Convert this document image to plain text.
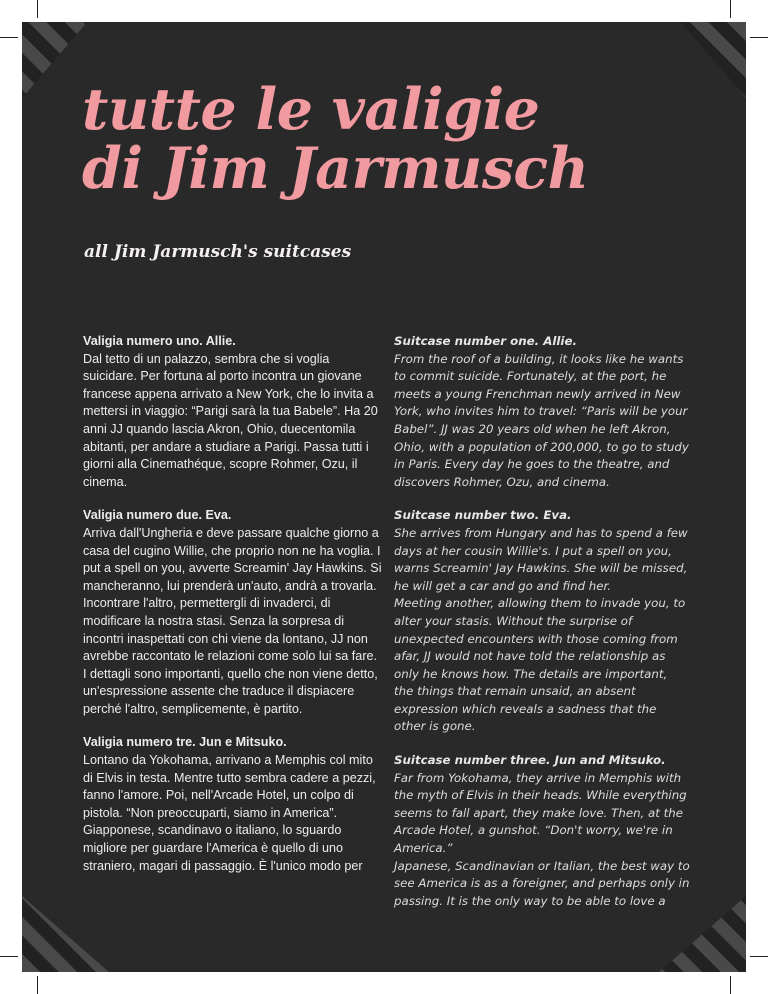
tutte le valigie
di Jim Jarmusch
all Jim Jarmusch's suitcases
Valigia numero uno. Allie.
Dal tetto di un palazzo, sembra che si voglia suicidare. Per fortuna al porto incontra un giovane francese appena arrivato a New York, che lo invita a mettersi in viaggio: “Parigi sarà la tua Babele”. Ha 20 anni JJ quando lascia Akron, Ohio, duecentomila abitanti, per andare a studiare a Parigi. Passa tutti i giorni alla Cinemathéque, scopre Rohmer, Ozu, il cinema.
Valigia numero due. Eva.
Arriva dall'Ungheria e deve passare qualche giorno a casa del cugino Willie, che proprio non ne ha voglia. I put a spell on you, avverte Screamin' Jay Hawkins. Si mancheranno, lui prenderà un'auto, andrà a trovarla.
Incontrare l'altro, permettergli di invaderci, di modificare la nostra stasi. Senza la sorpresa di incontri inaspettati con chi viene da lontano, JJ non avrebbe raccontato le relazioni come solo lui sa fare. I dettagli sono importanti, quello che non viene detto, un'espressione assente che traduce il dispiacere perché l'altro, semplicemente, è partito.
Valigia numero tre. Jun e Mitsuko.
Lontano da Yokohama, arrivano a Memphis col mito di Elvis in testa. Mentre tutto sembra cadere a pezzi, fanno l'amore. Poi, nell'Arcade Hotel, un colpo di pistola. “Non preoccuparti, siamo in America”.
Giapponese, scandinavo o italiano, lo sguardo migliore per guardare l'America è quello di uno straniero, magari di passaggio. È l'unico modo per
Suitcase number one. Allie.
From the roof of a building, it looks like he wants to commit suicide. Fortunately, at the port, he meets a young Frenchman newly arrived in New York, who invites him to travel: “Paris will be your Babel”. JJ was 20 years old when he left Akron, Ohio, with a population of 200,000, to go to study in Paris. Every day he goes to the theatre, and discovers Rohmer, Ozu, and cinema.
Suitcase number two. Eva.
She arrives from Hungary and has to spend a few days at her cousin Willie's. I put a spell on you, warns Screamin' Jay Hawkins. She will be missed, he will get a car and go and find her.
Meeting another, allowing them to invade you, to alter your stasis. Without the surprise of unexpected encounters with those coming from afar, JJ would not have told the relationship as only he knows how. The details are important, the things that remain unsaid, an absent expression which reveals a sadness that the other is gone.
Suitcase number three. Jun and Mitsuko.
Far from Yokohama, they arrive in Memphis with the myth of Elvis in their heads. While everything seems to fall apart, they make love. Then, at the Arcade Hotel, a gunshot. “Don't worry, we're in America.”
Japanese, Scandinavian or Italian, the best way to see America is as a foreigner, and perhaps only in passing. It is the only way to be able to love a
